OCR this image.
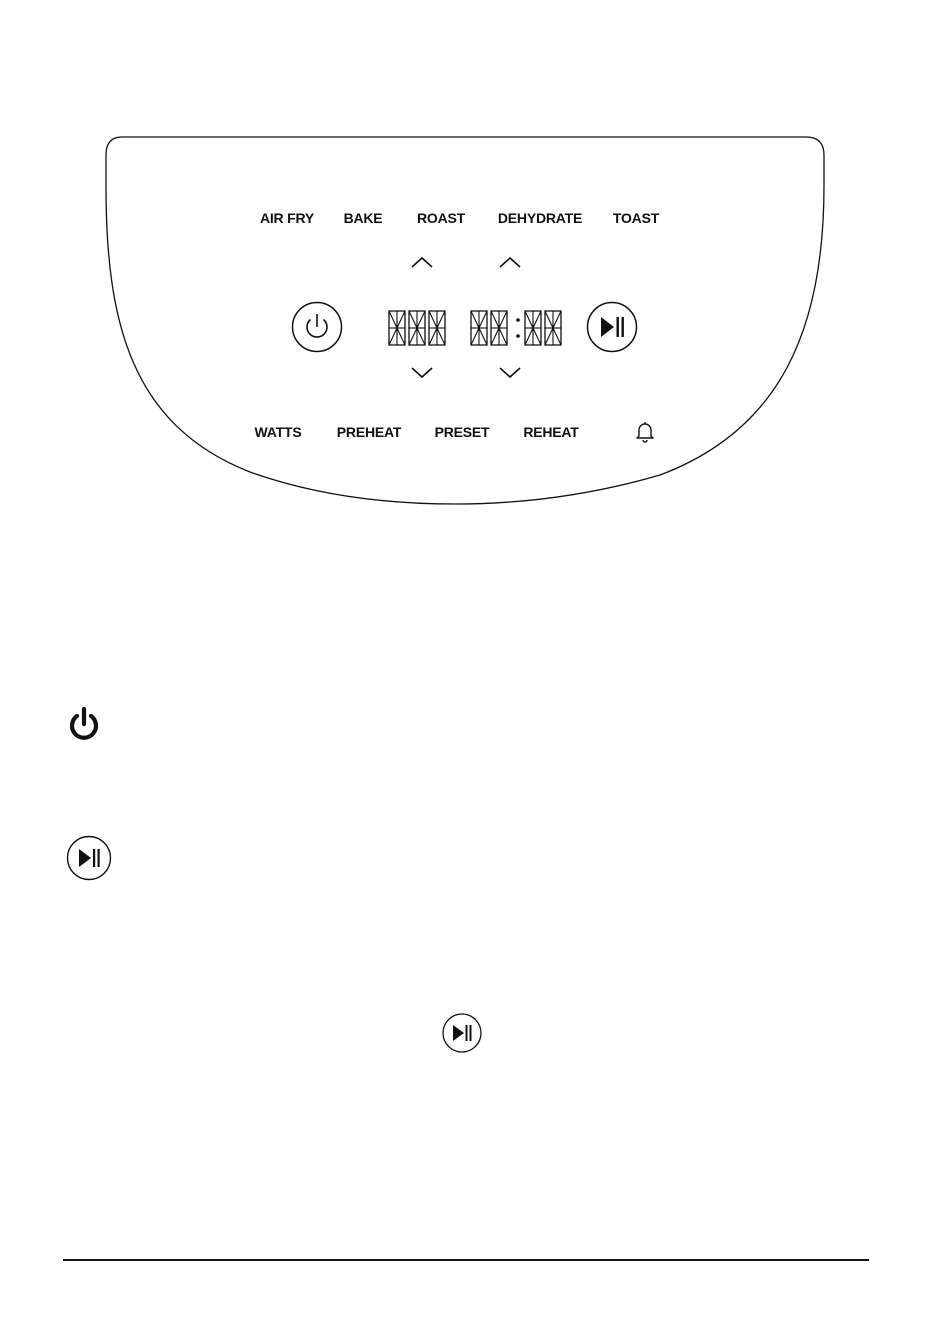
AIR FRY BAKE ROAST DEHYDRATE TOAST
WATTS	PREHEAT PRESET REHEAT
